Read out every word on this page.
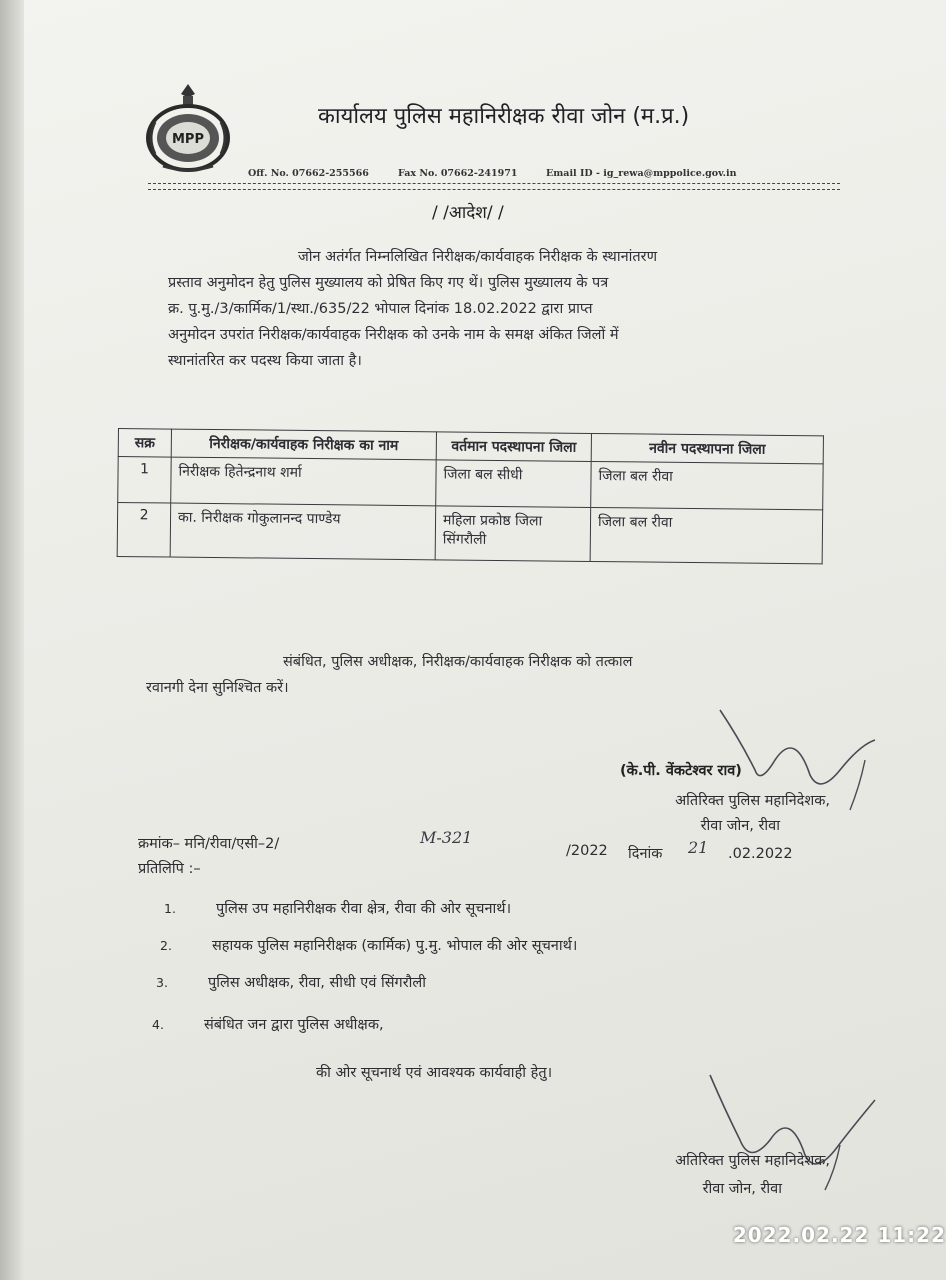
MPP
कार्यालय पुलिस महानिरीक्षक रीवा जोन (म.प्र.)
Off. No. 07662-255566	Fax No. 07662-241971	Email ID - ig_rewa@mppolice.gov.in
/ /आदेश/ /

जोन अतंर्गत निम्नलिखित निरीक्षक/कार्यवाहक निरीक्षक के स्थानांतरण

प्रस्ताव अनुमोदन हेतु पुलिस मुख्यालय को प्रेषित किए गए थें। पुलिस मुख्यालय के पत्र

क्र. पु.मु./3/कार्मिक/1/स्था./635/22 भोपाल दिनांक 18.02.2022 द्वारा प्राप्त

अनुमोदन उपरांत निरीक्षक/कार्यवाहक निरीक्षक को उनके नाम के समक्ष अंकित जिलों में

स्थानांतरित कर पदस्थ किया जाता है।

सक्र	निरीक्षक/कार्यवाहक निरीक्षक का नाम	वर्तमान पदस्थापना जिला	नवीन पदस्थापना जिला
1	निरीक्षक हितेन्द्रनाथ शर्मा	जिला बल सीधी	जिला बल रीवा
2	का. निरीक्षक गोकुलानन्द पाण्डेय	महिला प्रकोष्ठ जिला सिंगरौली	जिला बल रीवा

संबंधित, पुलिस अधीक्षक, निरीक्षक/कार्यवाहक निरीक्षक को तत्काल

रवानगी देना सुनिश्चित करें।

(के.पी. वेंकटेश्वर राव)
अतिरिक्त पुलिस महानिदेशक,
रीवा जोन, रीवा
क्रमांक– मनि/रीवा/एसी–2/	M-321
/2022 दिनांक 21 .02.2022
प्रतिलिपि :–
1.	पुलिस उप महानिरीक्षक रीवा क्षेत्र, रीवा की ओर सूचनार्थ।
2.	सहायक पुलिस महानिरीक्षक (कार्मिक) पु.मु. भोपाल की ओर सूचनार्थ।
3.	पुलिस अधीक्षक, रीवा, सीधी एवं सिंगरौली
4.	संबंधित जन द्वारा पुलिस अधीक्षक,
की ओर सूचनार्थ एवं आवश्यक कार्यवाही हेतु।
अतिरिक्त पुलिस महानिदेशक,
रीवा जोन, रीवा
2022.02.22 11:22
